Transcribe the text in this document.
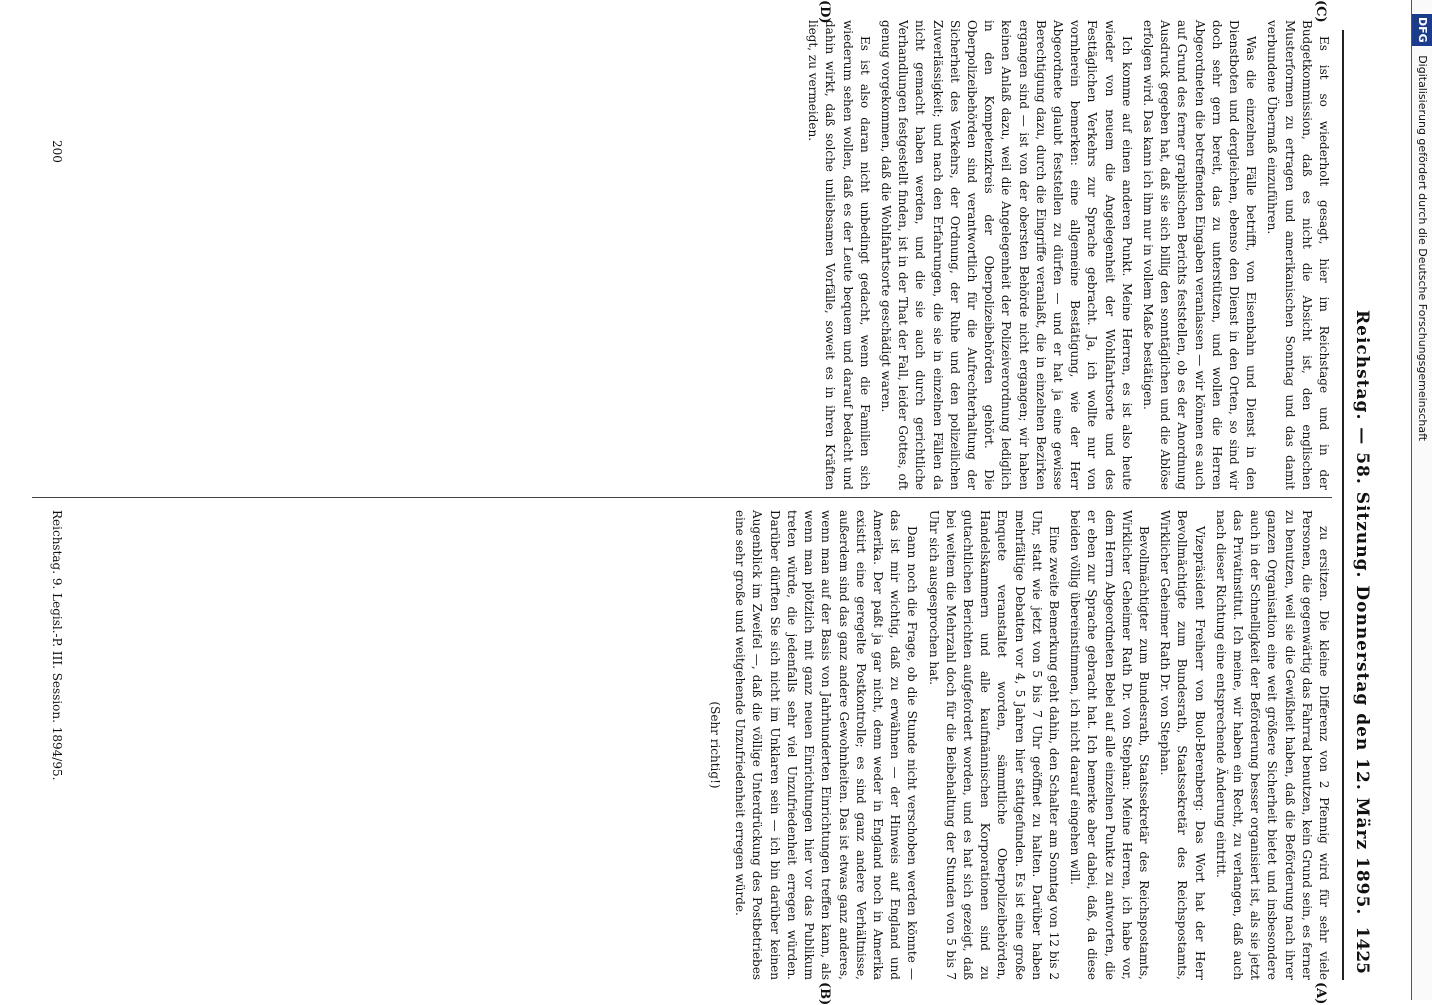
DFG Digitalisierung gefördert durch die Deutsche Forschungsgemeinschaft
Reichstag. — 58. Sitzung. Donnerstag den 12. März 1895.
1425
(C)
(D)
(A)
(B)

Es ist so wiederholt gesagt, hier im Reichstage und in der Budgetkommission, daß es nicht die Absicht ist, den englischen Musterformen zu ertragen und amerikanischen Sonntag und das damit verbundene Übermaß einzuführen.

Was die einzelnen Fälle betrifft, von Eisenbahn und Dienst in den Dienstboten und dergleichen, ebenso den Dienst in den Orten, so sind wir doch sehr gern bereit, das zu unterstützen, und wollen die Herren Abgeordneten die betreffenden Eingaben veranlassen — wir können es auch auf Grund des ferner graphischen Berichts feststellen, ob es der Anordnung Ausdruck gegeben hat, daß sie sich billig den sonntäglichen und die Ablöse erfolgen wird. Das kann ich ihm nur in vollem Maße bestätigen.

Ich komme auf einen anderen Punkt. Meine Herren, es ist also heute wieder von neuem die Angelegenheit der Wohlfahrtsorte und des Festtäglichen Verkehrs zur Sprache gebracht. Ja, ich wollte nur von vornherein bemerken: eine allgemeine Bestätigung, wie der Herr Abgeordnete glaubt feststellen zu dürfen — und er hat ja eine gewisse Berechtigung dazu, durch die Eingriffe veranlaßt, die in einzelnen Bezirken ergangen sind — ist von der obersten Behörde nicht ergangen; wir haben keinen Anlaß dazu, weil die Angelegenheit der Polizeiverordnung lediglich in den Kompetenzkreis der Oberpolizeibehörden gehört. Die Oberpolizeibehörden sind verantwortlich für die Aufrechterhaltung der Sicherheit des Verkehrs, der Ordnung, der Ruhe und den polizeilichen Zuverlässigkeit; und nach den Erfahrungen, die sie in einzelnen Fällen da nicht gemacht haben werden, und die sie auch durch gerichtliche Verhandlungen festgestellt finden, ist in der That der Fall, leider Gottes, oft genug vorgekommen, daß die Wohlfahrtsorte geschädigt waren.

Es ist also daran nicht unbedingt gedacht, wenn die Familien sich wiederum sehen wollen, daß es der Leute bequem und darauf bedacht und dahin wirkt, daß solche unliebsamen Vorfälle, soweit es in ihren Kräften liegt, zu vermeiden.

zu ersitzen. Die kleine Differenz von 2 Pfennig wird für sehr viele Personen, die gegenwärtig das Fahrrad benutzen, kein Grund sein, es ferner zu benutzen, weil sie die Gewißheit haben, daß die Beförderung nach ihrer ganzen Organisation eine weit größere Sicherheit bietet und insbesondere auch in der Schnelligkeit der Beförderung besser organisiert ist, als sie jetzt das Privatinstitut. Ich meine, wir haben ein Recht, zu verlangen, daß auch nach dieser Richtung eine entsprechende Änderung eintritt.

Vizepräsident Freiherr von Buol-Berenberg: Das Wort hat der Herr Bevollmächtigte zum Bundesrath, Staatssekretär des Reichspostamts, Wirklicher Geheimer Rath Dr. von Stephan.

Bevollmächtigter zum Bundesrath, Staatssekretär des Reichspostamts, Wirklicher Geheimer Rath Dr. von Stephan: Meine Herren, ich habe vor, dem Herrn Abgeordneten Bebel auf alle einzelnen Punkte zu antworten, die er eben zur Sprache gebracht hat. Ich bemerke aber dabei, daß, da diese beiden völlig übereinstimmen, ich nicht darauf eingehen will.

Eine zweite Bemerkung geht dahin, den Schalter am Sonntag von 12 bis 2 Uhr, statt wie jetzt von 5 bis 7 Uhr geöffnet zu halten. Darüber haben mehrfältige Debatten vor 4, 5 Jahren hier stattgefunden. Es ist eine große Enquete veranstaltet worden, sämmtliche Oberpolizeibehörden, Handelskammern und alle kaufmännischen Korporationen sind zu gutachtlichen Berichten aufgefordert worden, und es hat sich gezeigt, daß bei weitem die Mehrzahl doch für die Beibehaltung der Stunden von 5 bis 7 Uhr sich ausgesprochen hat.

Dann noch die Frage, ob die Stunde nicht verschoben werden könnte — das ist mir wichtig, daß zu erwähnen — der Hinweis auf England und Amerika. Der paßt ja gar nicht, denn weder in England noch in Amerika existirt eine geregelte Postkontrolle; es sind ganz andere Verhältnisse, außerdem sind das ganz andere Gewohnheiten. Das ist etwas ganz anderes, wenn man auf der Basis von Jahrhunderten Einrichtungen treffen kann, als wenn man plötzlich mit ganz neuen Einrichtungen hier vor das Publikum treten würde, die jedenfalls sehr viel Unzufriedenheit erregen würden. Darüber dürften Sie sich nicht im Unklaren sein — ich bin darüber keinen Augenblick im Zweifel —, daß die völlige Unterdrückung des Postbetriebes eine sehr große und weitgehende Unzufriedenheit erregen würde.

(Sehr richtig!)
Reichstag. 9. Legisl.-P. III. Session. 1894/95.
200
